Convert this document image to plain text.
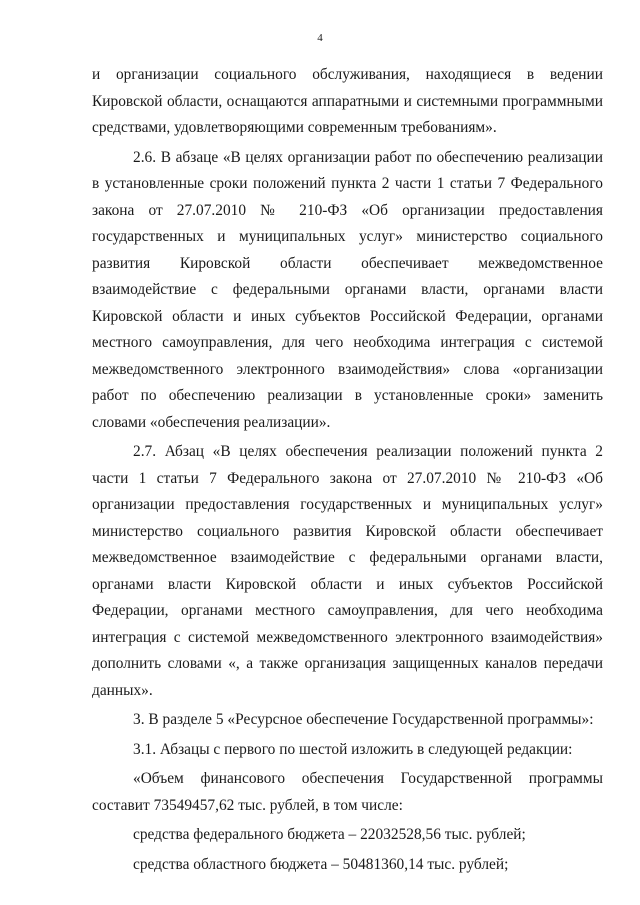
4

и организации социального обслуживания, находящиеся в ведении Кировской области, оснащаются аппаратными и системными программными средствами, удовлетворяющими современным требованиям».

2.6. В абзаце «В целях организации работ по обеспечению реализации в установленные сроки положений пункта 2 части 1 статьи 7 Федерального закона от 27.07.2010 № 210-ФЗ «Об организации предоставления государственных и муниципальных услуг» министерство социального развития Кировской области обеспечивает межведомственное взаимодействие с федеральными органами власти, органами власти Кировской области и иных субъектов Российской Федерации, органами местного самоуправления, для чего необходима интеграция с системой межведомственного электронного взаимодействия» слова «организации работ по обеспечению реализации в установленные сроки» заменить словами «обеспечения реализации».

2.7. Абзац «В целях обеспечения реализации положений пункта 2 части 1 статьи 7 Федерального закона от 27.07.2010 № 210-ФЗ «Об организации предоставления государственных и муниципальных услуг» министерство социального развития Кировской области обеспечивает межведомственное взаимодействие с федеральными органами власти, органами власти Кировской области и иных субъектов Российской Федерации, органами местного самоуправления, для чего необходима интеграция с системой межведомственного электронного взаимодействия» дополнить словами «, а также организация защищенных каналов передачи данных».

3. В разделе 5 «Ресурсное обеспечение Государственной программы»:

3.1. Абзацы с первого по шестой изложить в следующей редакции:

«Объем финансового обеспечения Государственной программы составит 73549457,62 тыс. рублей, в том числе:

средства федерального бюджета – 22032528,56 тыс. рублей;

средства областного бюджета – 50481360,14 тыс. рублей;
